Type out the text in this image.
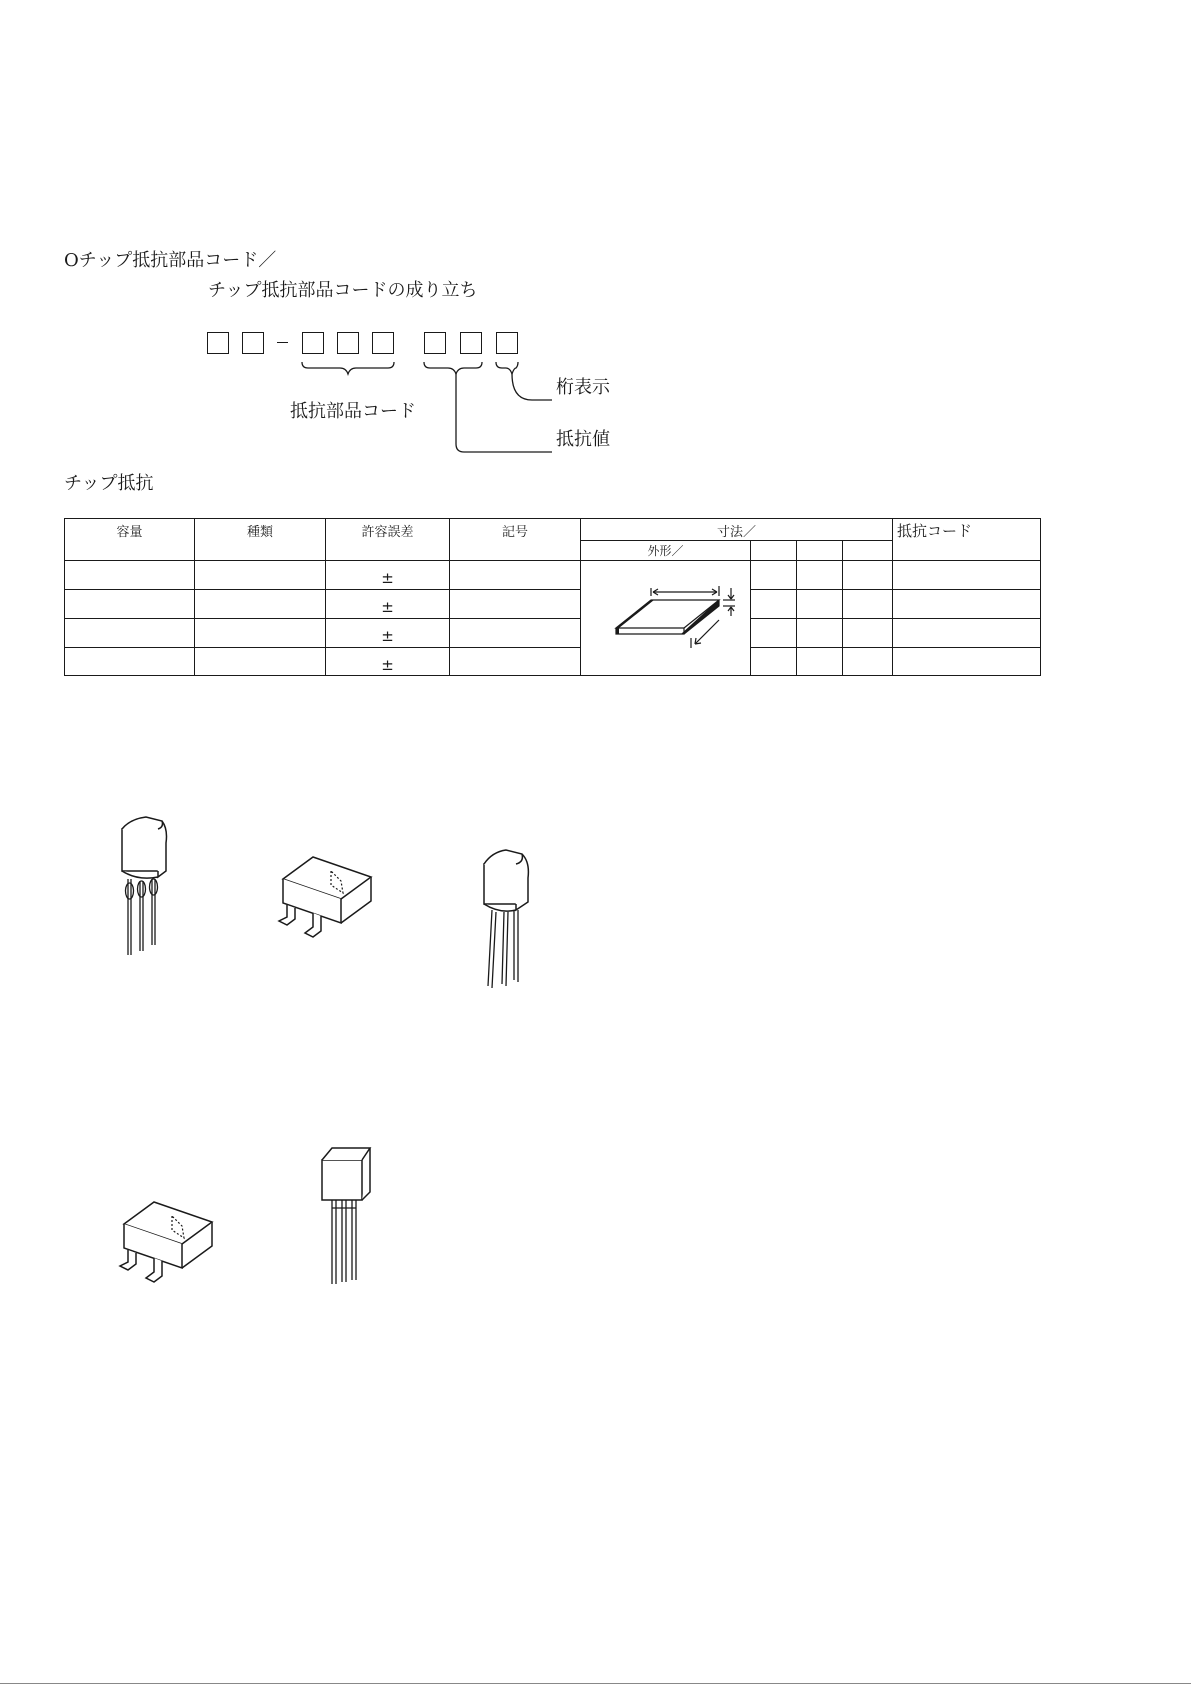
Oチップ抵抗部品コード／
チップ抵抗部品コードの成り立ち
抵抗部品コード
桁表示
抵抗値
チップ抵抗
容量	種類	許容誤差	記号	寸法／				抵抗コード
				外形／				
		±		

		±						
		±						
		±						
